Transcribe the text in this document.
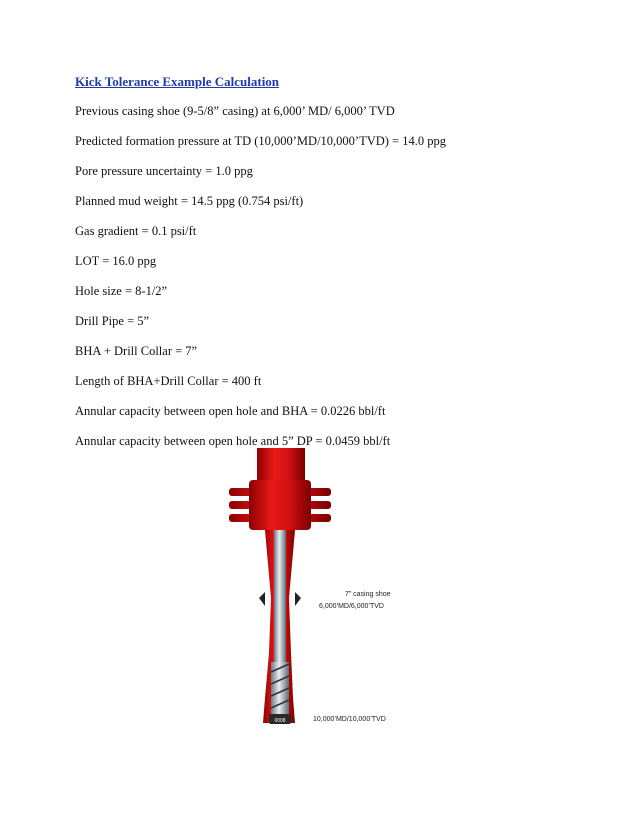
Kick Tolerance Example Calculation
Previous casing shoe (9-5/8” casing) at 6,000’ MD/ 6,000’ TVD
Predicted formation pressure at TD (10,000’MD/10,000’TVD) = 14.0 ppg
Pore pressure uncertainty = 1.0 ppg
Planned mud weight = 14.5 ppg (0.754 psi/ft)
Gas gradient = 0.1 psi/ft
LOT = 16.0 ppg
Hole size = 8-1/2”
Drill Pipe = 5”
BHA + Drill Collar = 7”
Length of BHA+Drill Collar = 400 ft
Annular capacity between open hole and BHA = 0.0226 bbl/ft
Annular capacity between open hole and 5” DP = 0.0459 bbl/ft
0008
7” casing shoe
6,000’MD/6,000’TVD
10,000’MD/10,000’TVD
